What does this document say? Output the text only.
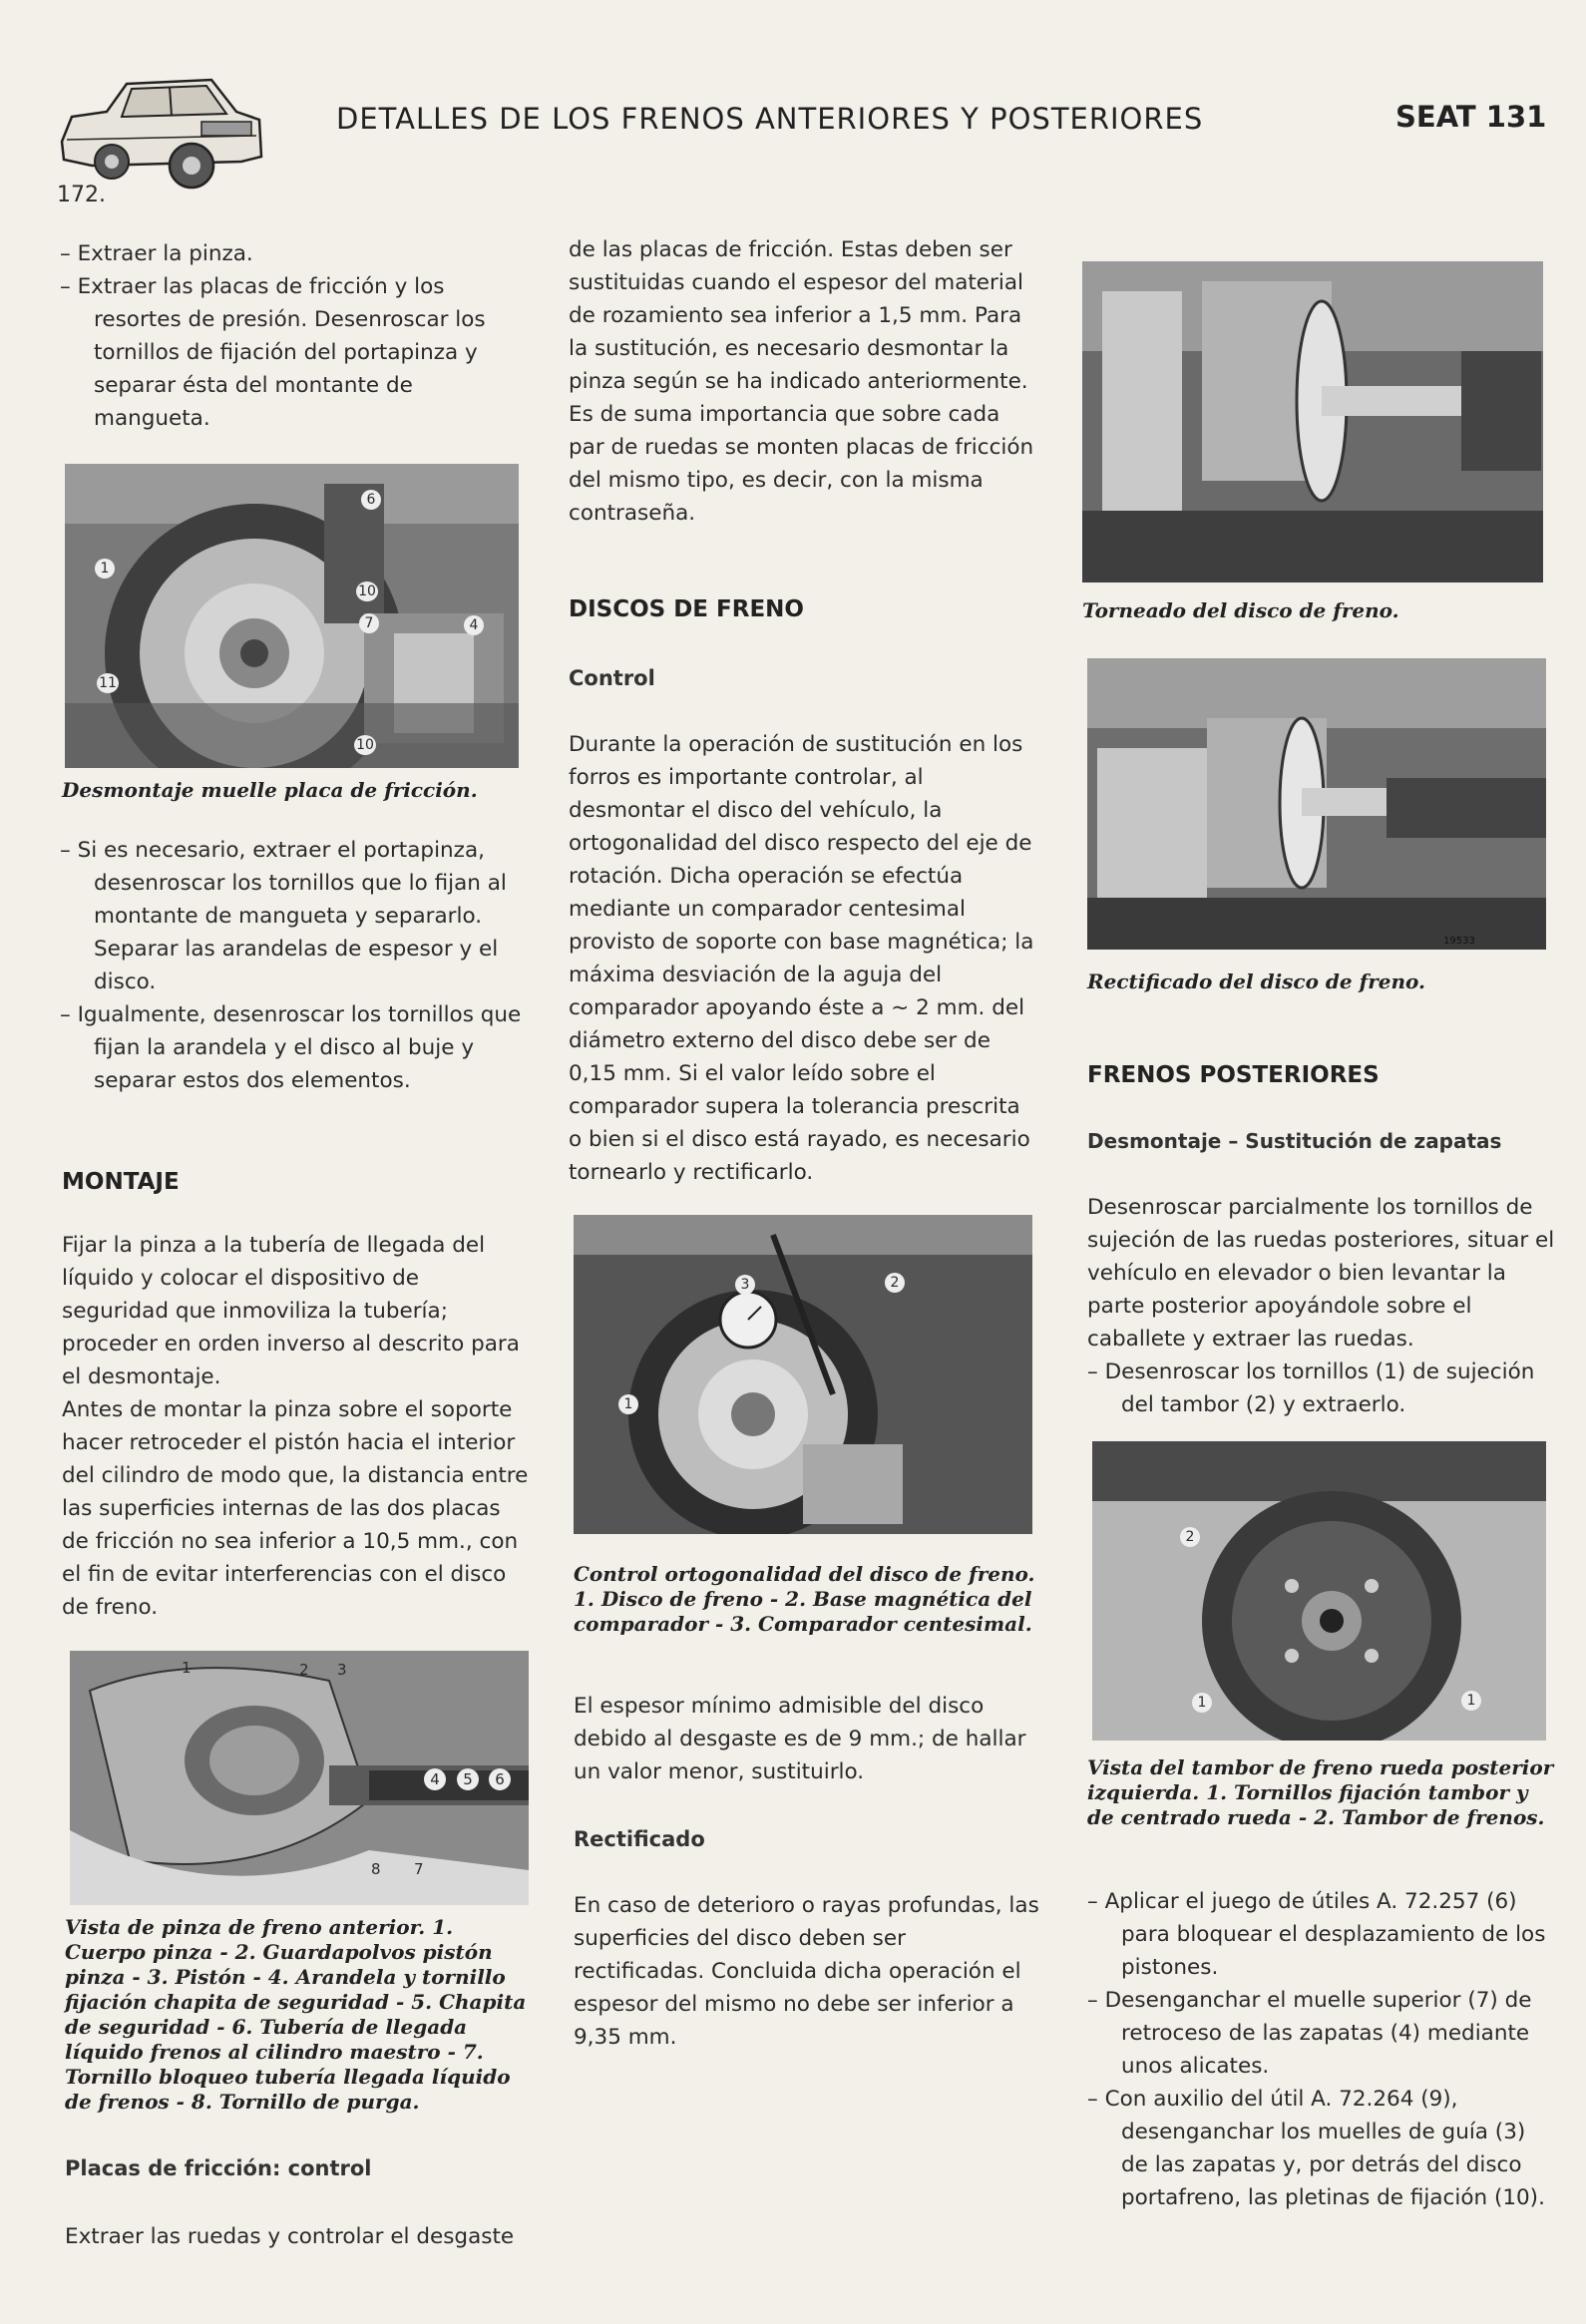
DETALLES DE LOS FRENOS ANTERIORES Y POSTERIORES	SEAT 131
172.

– Extraer la pinza.

– Extraer las placas de fricción y los resortes de presión. Desenroscar los tornillos de fijación del portapinza y separar ésta del montante de mangueta.

6
1
10
7	4
11
10
Desmontaje muelle placa de fricción.

– Si es necesario, extraer el portapinza, desenroscar los tornillos que lo fijan al montante de mangueta y separarlo. Separar las arandelas de espesor y el disco.

– Igualmente, desenroscar los tornillos que fijan la arandela y el disco al buje y separar estos dos elementos.

MONTAJE

Fijar la pinza a la tubería de llegada del líquido y colocar el dispositivo de seguridad que inmoviliza la tubería; proceder en orden inverso al descrito para el desmontaje.

Antes de montar la pinza sobre el soporte hacer retroceder el pistón hacia el interior del cilindro de modo que, la distancia entre las superficies internas de las dos placas de fricción no sea inferior a 10,5 mm., con el fin de evitar interferencias con el disco de freno.

1	2 3
4	5	6
8 7
Vista de pinza de freno anterior. 1. Cuerpo pinza - 2. Guardapolvos pistón pinza - 3. Pistón - 4. Arandela y tornillo fijación chapita de seguridad - 5. Chapita de seguridad - 6. Tubería de llegada líquido frenos al cilindro maestro - 7. Tornillo bloqueo tubería llegada líquido de frenos - 8. Tornillo de purga.
Placas de fricción: control
Extraer las ruedas y controlar el desgaste
de las placas de fricción. Estas deben ser sustituidas cuando el espesor del material de rozamiento sea inferior a 1,5 mm. Para la sustitución, es necesario desmontar la pinza según se ha indicado anteriormente. Es de suma importancia que sobre cada par de ruedas se monten placas de fricción del mismo tipo, es decir, con la misma contraseña.
DISCOS DE FRENO
Control
Durante la operación de sustitución en los forros es importante controlar, al desmontar el disco del vehículo, la ortogonalidad del disco respecto del eje de rotación. Dicha operación se efectúa mediante un comparador centesimal provisto de soporte con base magnética; la máxima desviación de la aguja del comparador apoyando éste a ~ 2 mm. del diámetro externo del disco debe ser de 0,15 mm. Si el valor leído sobre el comparador supera la tolerancia prescrita o bien si el disco está rayado, es necesario tornearlo y rectificarlo.
3	2
1
Control ortogonalidad del disco de freno. 1. Disco de freno - 2. Base magnética del comparador - 3. Comparador centesimal.
El espesor mínimo admisible del disco debido al desgaste es de 9 mm.; de hallar un valor menor, sustituirlo.
Rectificado
En caso de deterioro o rayas profundas, las superficies del disco deben ser rectificadas. Concluida dicha operación el espesor del mismo no debe ser inferior a 9,35 mm.
Torneado del disco de freno.
19533
Rectificado del disco de freno.
FRENOS POSTERIORES
Desmontaje – Sustitución de zapatas

Desenroscar parcialmente los tornillos de sujeción de las ruedas posteriores, situar el vehículo en elevador o bien levantar la parte posterior apoyándole sobre el caballete y extraer las ruedas.

– Desenroscar los tornillos (1) de sujeción del tambor (2) y extraerlo.

2
1	1
Vista del tambor de freno rueda posterior izquierda. 1. Tornillos fijación tambor y de centrado rueda - 2. Tambor de frenos.

– Aplicar el juego de útiles A. 72.257 (6) para bloquear el desplazamiento de los pistones.

– Desenganchar el muelle superior (7) de retroceso de las zapatas (4) mediante unos alicates.

– Con auxilio del útil A. 72.264 (9), desenganchar los muelles de guía (3) de las zapatas y, por detrás del disco portafreno, las pletinas de fijación (10).
